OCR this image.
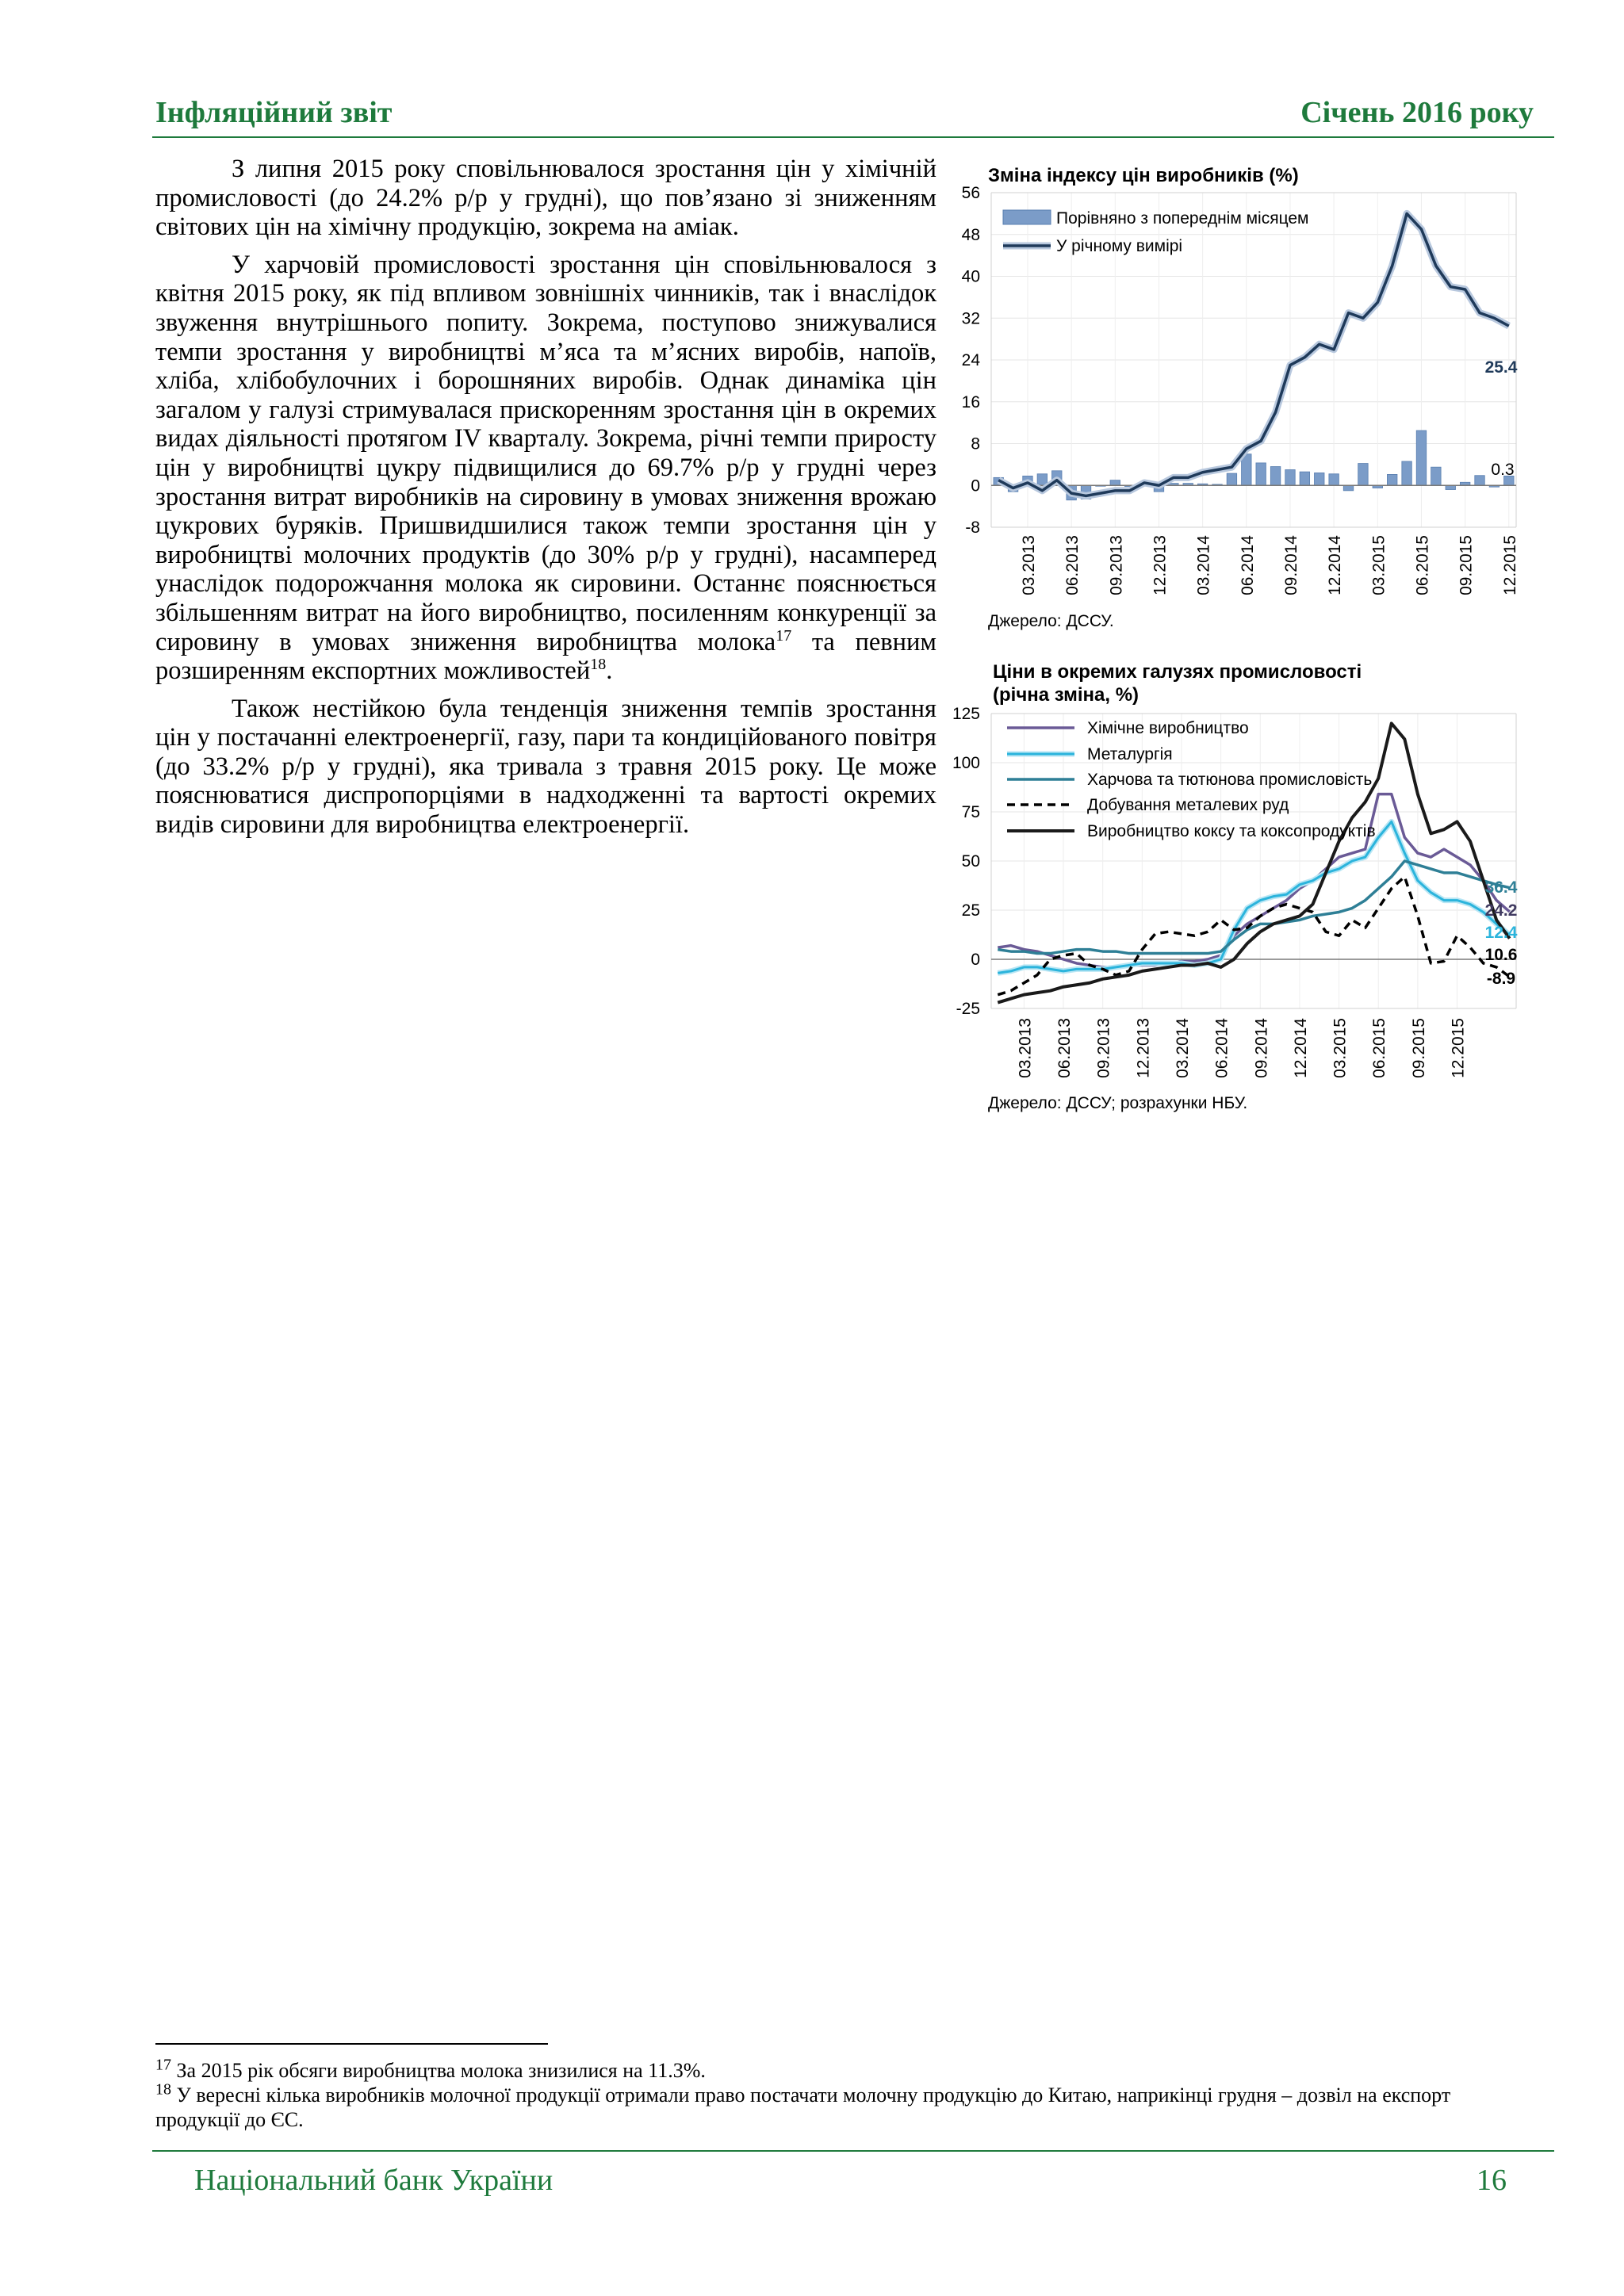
Інфляційний звіт	Січень 2016 року

З липня 2015 року сповільнювалося зростання цін у хімічній промисловості (до 24.2% р/р у грудні), що пов’язано зі зниженням світових цін на хімічну продукцію, зокрема на аміак.

У харчовій промисловості зростання цін сповільнювалося з квітня 2015 року, як під впливом зовнішніх чинників, так і внаслідок звуження внутрішнього попиту. Зокрема, поступово знижувалися темпи зростання у виробництві м’яса та м’ясних виробів, напоїв, хліба, хлібобулочних і борошняних виробів. Однак динаміка цін загалом у галузі стримувалася прискоренням зростання цін в окремих видах діяльності протягом IV кварталу. Зокрема, річні темпи приросту цін у виробництві цукру підвищилися до 69.7% р/р у грудні через зростання витрат виробників на сировину в умовах зниження врожаю цукрових буряків. Пришвидшилися також темпи зростання цін у виробництві молочних продуктів (до 30% р/р у грудні), насамперед унаслідок подорожчання молока як сировини. Останнє пояснюється збільшенням витрат на його виробництво, посиленням конкуренції за сировину в умовах зниження виробництва молока$^{17}$ та певним розширенням експортних можливостей$^{18}$.

Також нестійкою була тенденція зниження темпів зростання цін у постачанні електроенергії, газу, пари та кондиційованого повітря (до 33.2% р/р у грудні), яка тривала з травня 2015 року. Це може пояснюватися диспропорціями в надходженні та вартості окремих видів сировини для виробництва електроенергії.

Зміна індексу цін виробників (%)
-8
0
8
16
24
32
40
48
56
03.2013 06.2013 09.2013 12.2013 03.2014 06.2014 09.2014 12.2014 03.2015 06.2015 09.2015 12.2015
Порівняно з попереднім місяцем
У річному вимірі
25.4
0.3
Джерело: ДССУ.
Ціни в окремих галузях промисловості
(річна зміна, %)
-25
0
25
50
75
100
125
03.2013 06.2013 09.2013 12.2013 03.2014 06.2014 09.2014 12.2014 03.2015 06.2015 09.2015 12.2015
Хімічне виробництво
Металургія
Харчова та тютюнова промисловість
Добування металевих руд
Виробництво коксу та коксопродуктів
36.4
24.2
12.4
10.6
-8.9
Джерело: ДССУ; розрахунки НБУ.
$^{17}$ За 2015 рік обсяги виробництва молока знизилися на 11.3%.
$^{18}$ У вересні кілька виробників молочної продукції отримали право постачати молочну продукцію до Китаю, наприкінці грудня – дозвіл на експорт продукції до ЄС.
Національний банк України	16
